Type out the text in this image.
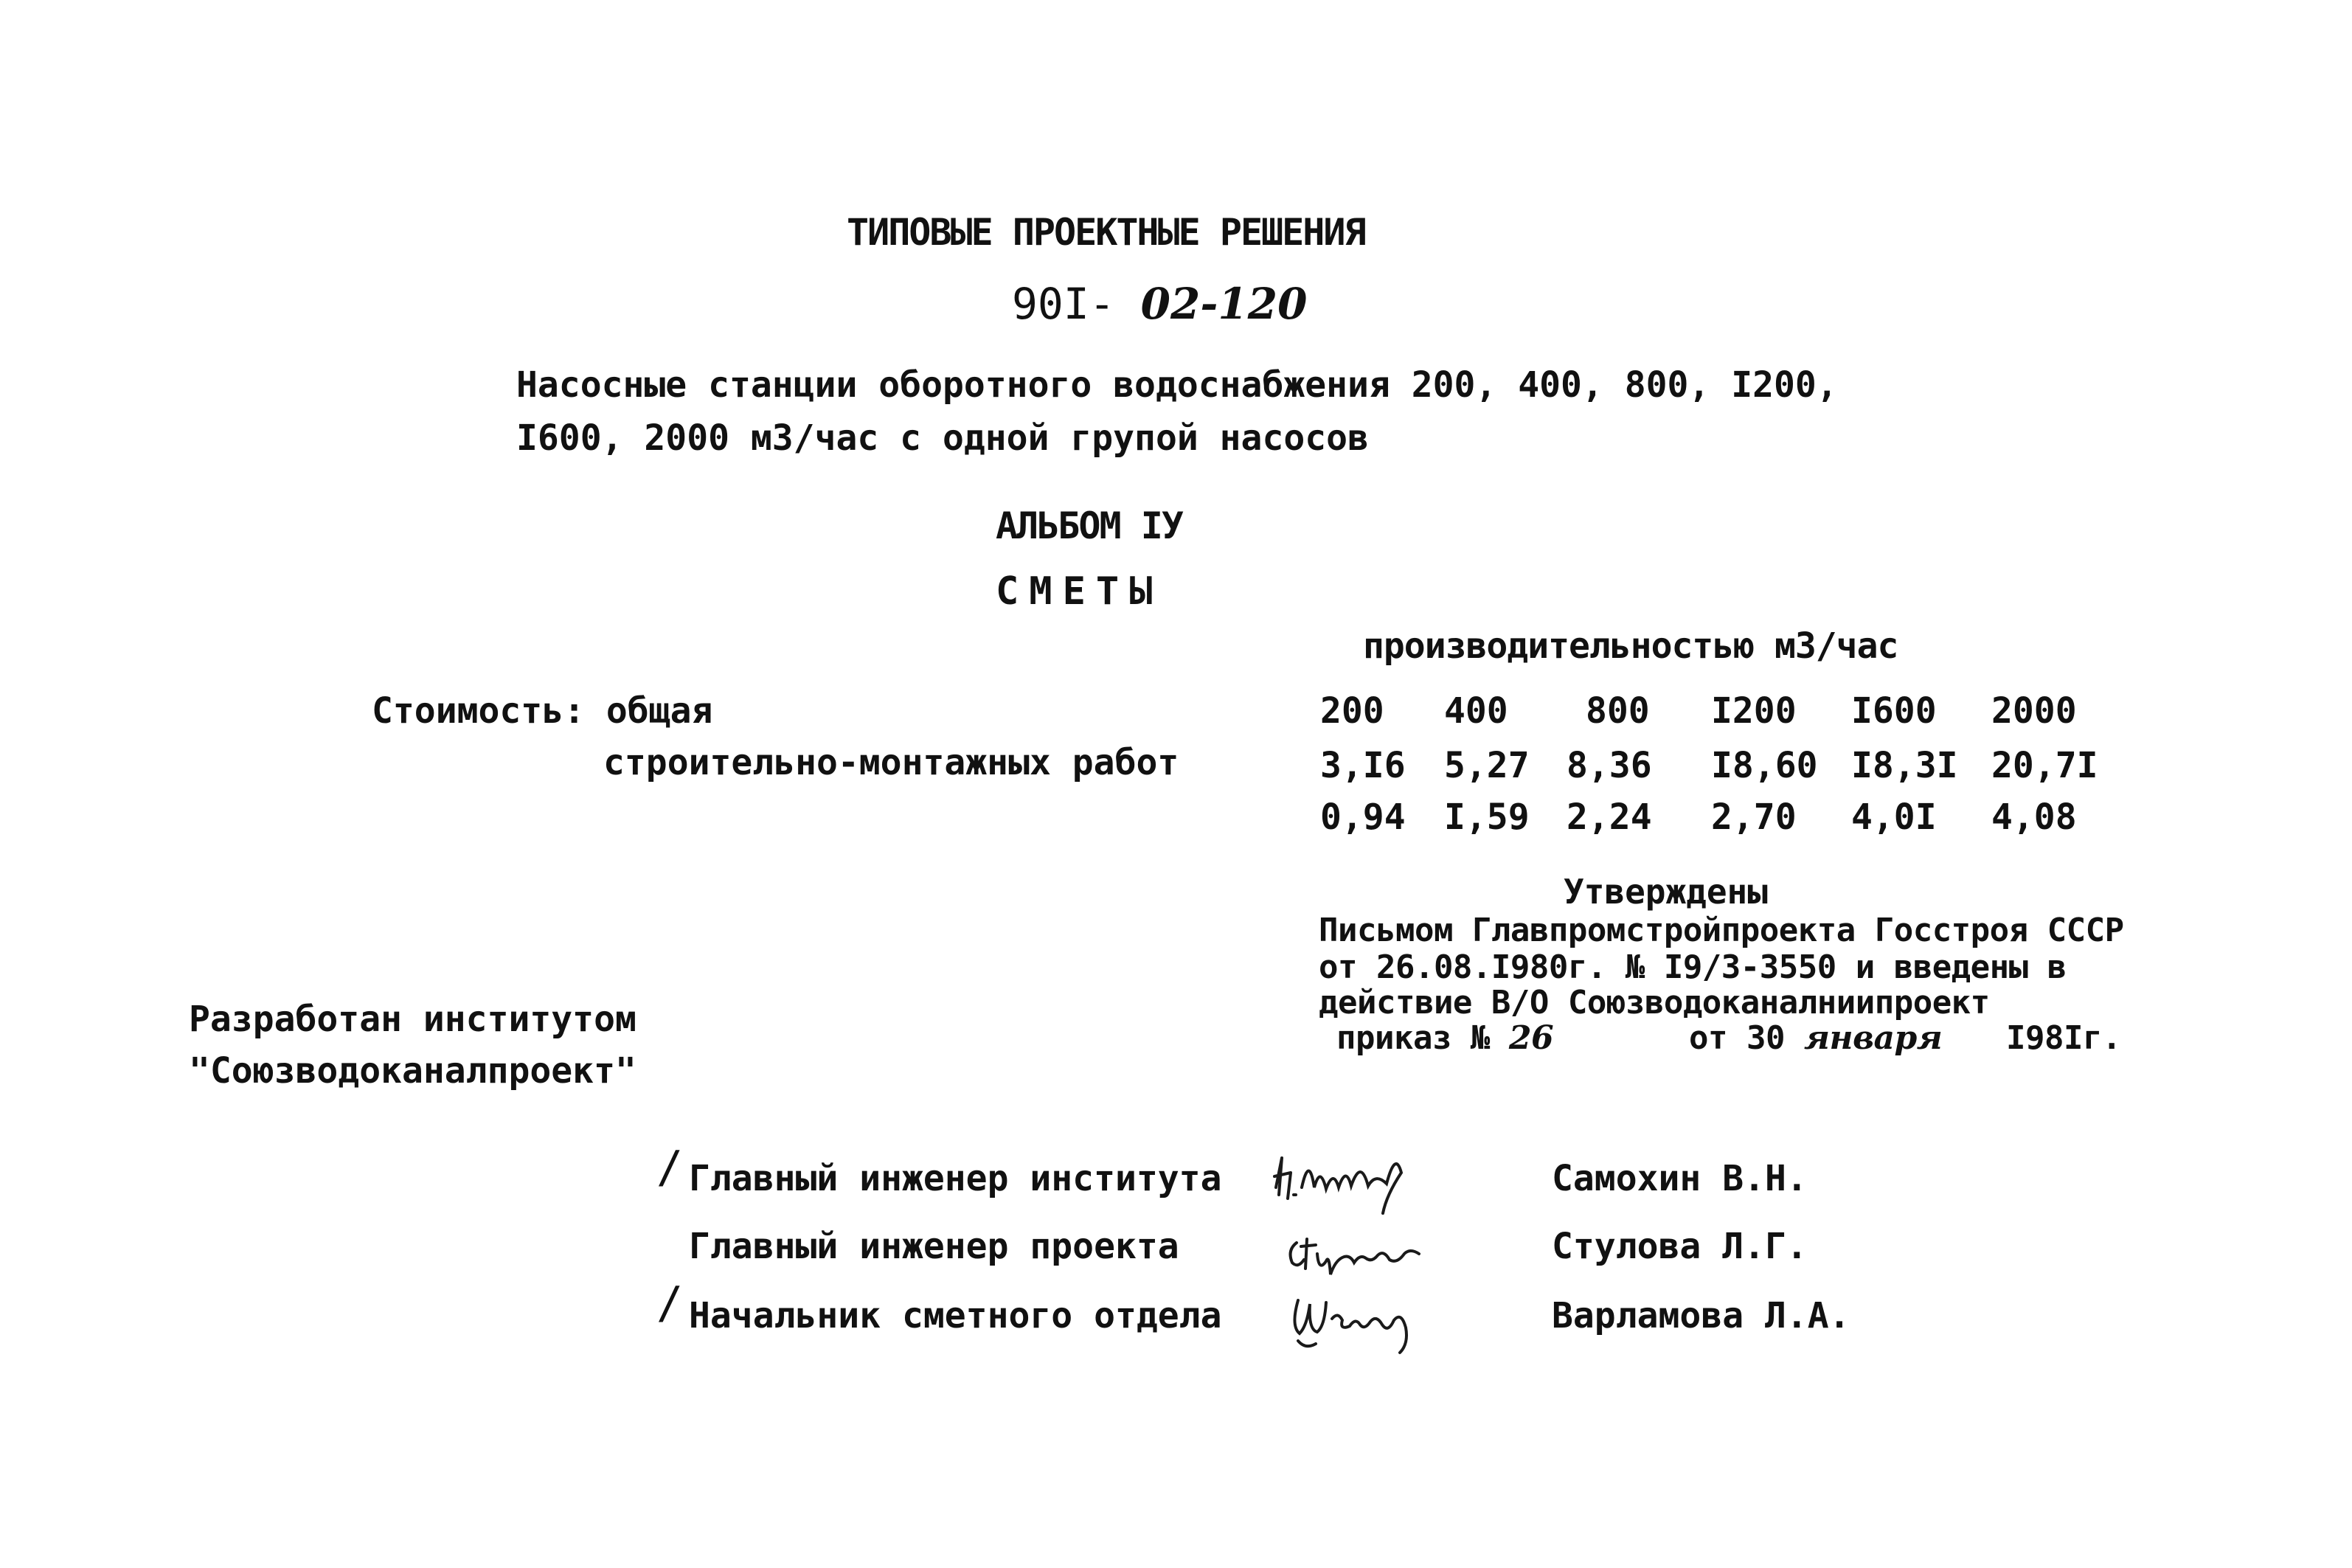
ТИПОВЫЕ ПРОЕКТНЫЕ РЕШЕНИЯ
90I- 02-120
Насосные станции оборотного водоснабжения 200, 400, 800, I200,
I600, 2000 м3/час с одной групой насосов
АЛЬБОМ IУ
СМЕТЫ
производительностью м3/час
Стоимость: общая
строительно-монтажных работ
200 400 800 I200 I600 2000
3,I6 5,27 8,36 I8,60 I8,3I 20,7I
0,94 I,59 2,24 2,70 4,0I 4,08
Утверждены
Письмом Главпромстройпроекта Госстроя СССР
от 26.08.I980г. № I9/3-3550 и введены в
действие В/О Союзводоканалниипроект
приказ № 26	от 30 января I98Iг.
Разработан институтом
"Союзводоканалпроект"
/ Главный инженер института	Самохин В.Н.
Главный инженер проекта	Стулова Л.Г.
/ Начальник сметного отдела	Варламова Л.А.
